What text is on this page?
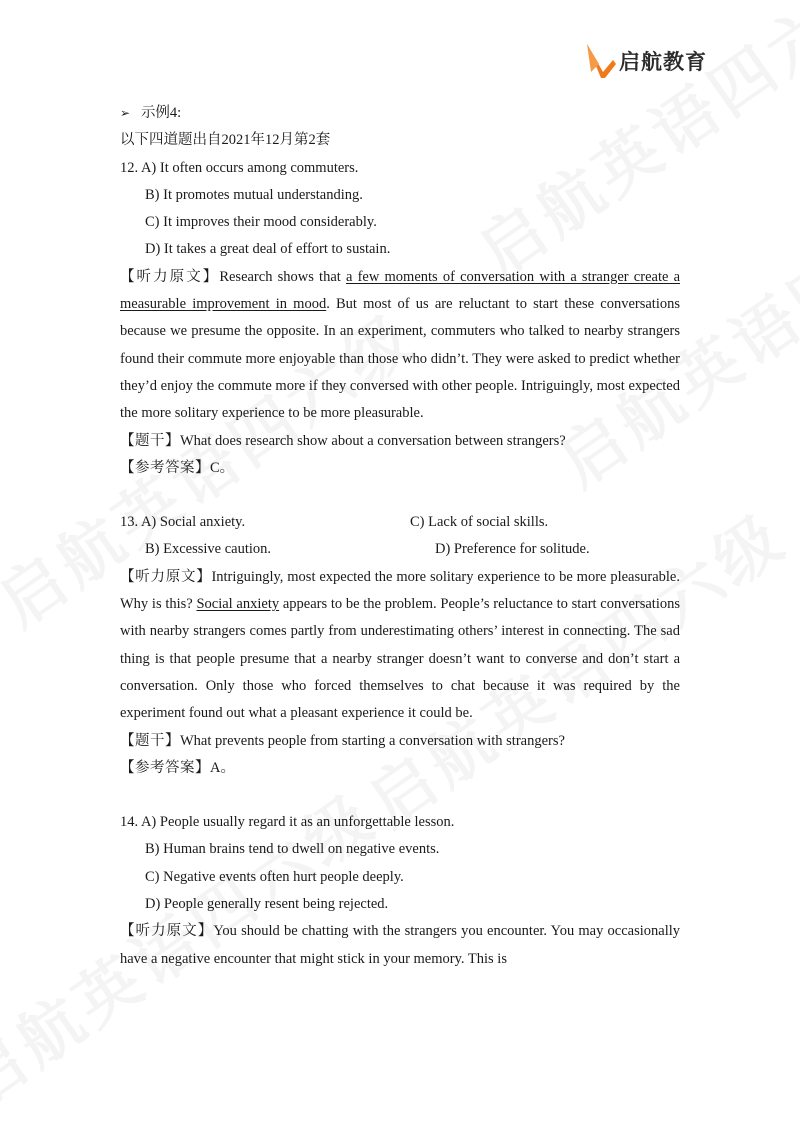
启航教育
➢ 示例4:
以下四道题出自2021年12月第2套
12. A) It often occurs among commuters.
B) It promotes mutual understanding.
C) It improves their mood considerably.
D) It takes a great deal of effort to sustain.
【听力原文】Research shows that a few moments of conversation with a stranger create a measurable improvement in mood. But most of us are reluctant to start these conversations because we presume the opposite. In an experiment, commuters who talked to nearby strangers found their commute more enjoyable than those who didn’t. They were asked to predict whether they’d enjoy the commute more if they conversed with other people. Intriguingly, most expected the more solitary experience to be more pleasurable.
【题干】What does research show about a conversation between strangers?
【参考答案】C。
13. A) Social anxiety.	C) Lack of social skills.
B) Excessive caution.	D) Preference for solitude.
【听力原文】Intriguingly, most expected the more solitary experience to be more pleasurable. Why is this? Social anxiety appears to be the problem. People’s reluctance to start conversations with nearby strangers comes partly from underestimating others’ interest in connecting. The sad thing is that people presume that a nearby stranger doesn’t want to converse and don’t start a conversation. Only those who forced themselves to chat because it was required by the experiment found out what a pleasant experience it could be.
【题干】What prevents people from starting a conversation with strangers?
【参考答案】A。
14. A) People usually regard it as an unforgettable lesson.
B) Human brains tend to dwell on negative events.
C) Negative events often hurt people deeply.
D) People generally resent being rejected.
【听力原文】You should be chatting with the strangers you encounter. You may occasionally have a negative encounter that might stick in your memory. This is
